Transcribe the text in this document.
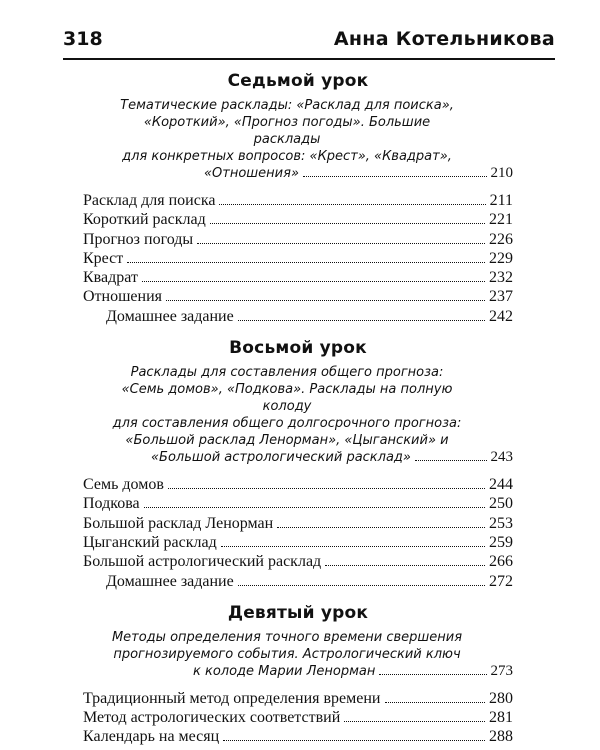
318	Анна Котельникова
Седьмой урок
Тематические расклады: «Расклад для поиска»,
«Короткий», «Прогноз погоды». Большие расклады
для конкретных вопросов: «Крест», «Квадрат»,
«Отношения»	210
Расклад для поиска	211
Короткий расклад	221
Прогноз погоды	226
Крест	229
Квадрат	232
Отношения	237
Домашнее задание	242
Восьмой урок
Расклады для составления общего прогноза:
«Семь домов», «Подкова». Расклады на полную колоду
для составления общего долгосрочного прогноза:
«Большой расклад Ленорман», «Цыганский» и
«Большой астрологический расклад»	243
Семь домов	244
Подкова	250
Большой расклад Ленорман	253
Цыганский расклад	259
Большой астрологический расклад	266
Домашнее задание	272
Девятый урок
Методы определения точного времени свершения
прогнозируемого события. Астрологический ключ
к колоде Марии Ленорман	273
Традиционный метод определения времени	280
Метод астрологических соответствий	281
Календарь на месяц	288
